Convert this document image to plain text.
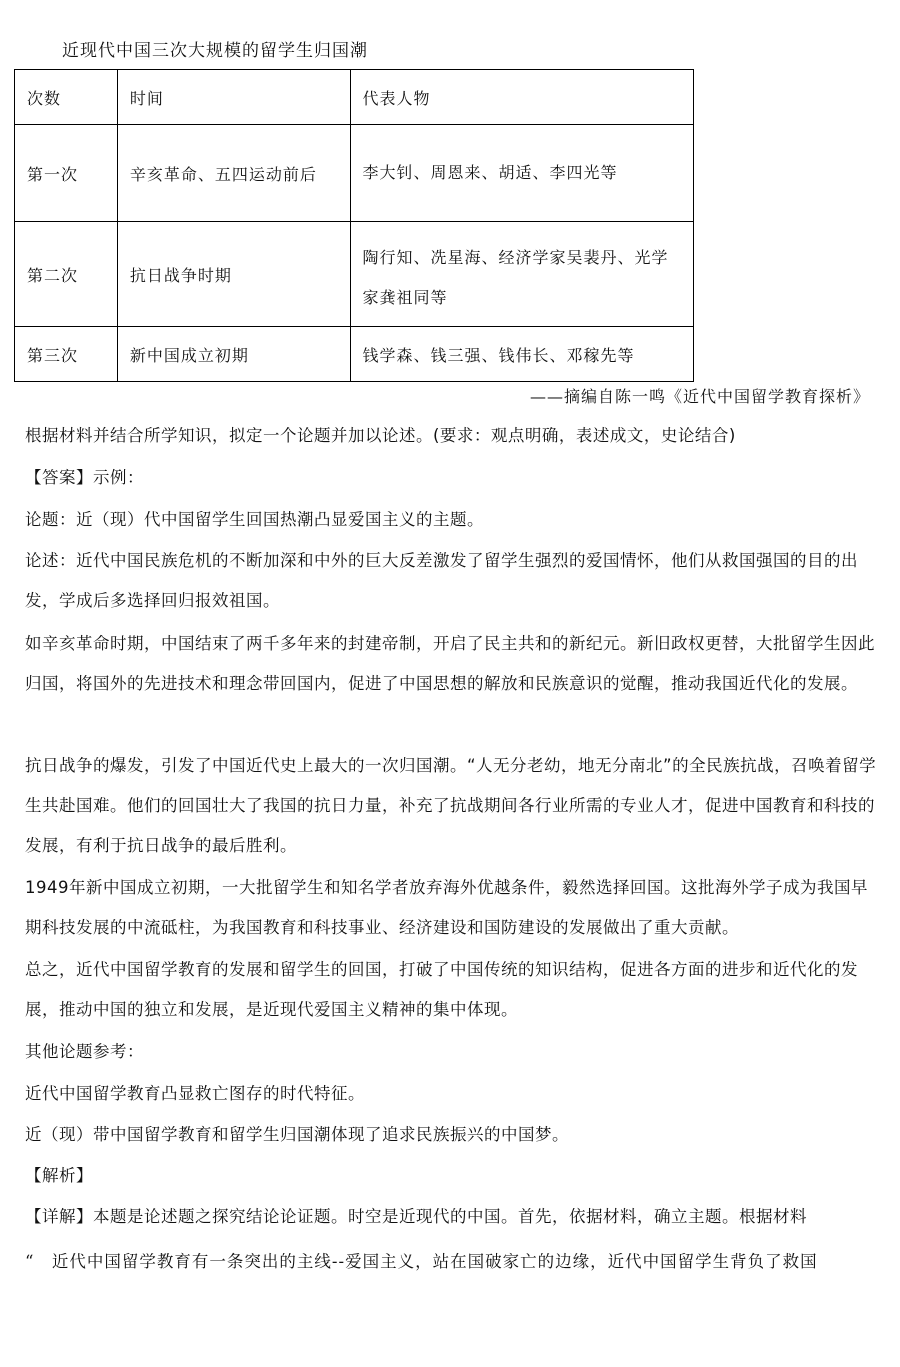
近现代中国三次大规模的留学生归国潮
次数	时间	代表人物
第一次	辛亥革命、五四运动前后	李大钊、周恩来、胡适、李四光等
第二次	抗日战争时期	陶行知、冼星海、经济学家吴裴丹、光学家龚祖同等
第三次	新中国成立初期	钱学森、钱三强、钱伟长、邓稼先等
——摘编自陈一鸣《近代中国留学教育探析》
根据材料并结合所学知识，拟定一个论题并加以论述。(要求：观点明确，表述成文，史论结合)
【答案】示例：
论题：近（现）代中国留学生回国热潮凸显爱国主义的主题。
论述：近代中国民族危机的不断加深和中外的巨大反差激发了留学生强烈的爱国情怀，他们从救国强国的目的出发，学成后多选择回归报效祖国。
如辛亥革命时期，中国结束了两千多年来的封建帝制，开启了民主共和的新纪元。新旧政权更替，大批留学生因此归国，将国外的先进技术和理念带回国内，促进了中国思想的解放和民族意识的觉醒，推动我国近代化的发展。
抗日战争的爆发，引发了中国近代史上最大的一次归国潮。“人无分老幼，地无分南北”的全民族抗战，召唤着留学生共赴国难。他们的回国壮大了我国的抗日力量，补充了抗战期间各行业所需的专业人才，促进中国教育和科技的发展，有利于抗日战争的最后胜利。
1949年新中国成立初期，一大批留学生和知名学者放弃海外优越条件，毅然选择回国。这批海外学子成为我国早期科技发展的中流砥柱，为我国教育和科技事业、经济建设和国防建设的发展做出了重大贡献。
总之，近代中国留学教育的发展和留学生的回国，打破了中国传统的知识结构，促进各方面的进步和近代化的发展，推动中国的独立和发展，是近现代爱国主义精神的集中体现。
其他论题参考：
近代中国留学教育凸显救亡图存的时代特征。
近（现）带中国留学教育和留学生归国潮体现了追求民族振兴的中国梦。
【解析】
【详解】本题是论述题之探究结论论证题。时空是近现代的中国。首先，依据材料，确立主题。根据材料
“　近代中国留学教育有一条突出的主线--爱国主义，站在国破家亡的边缘，近代中国留学生背负了救国
